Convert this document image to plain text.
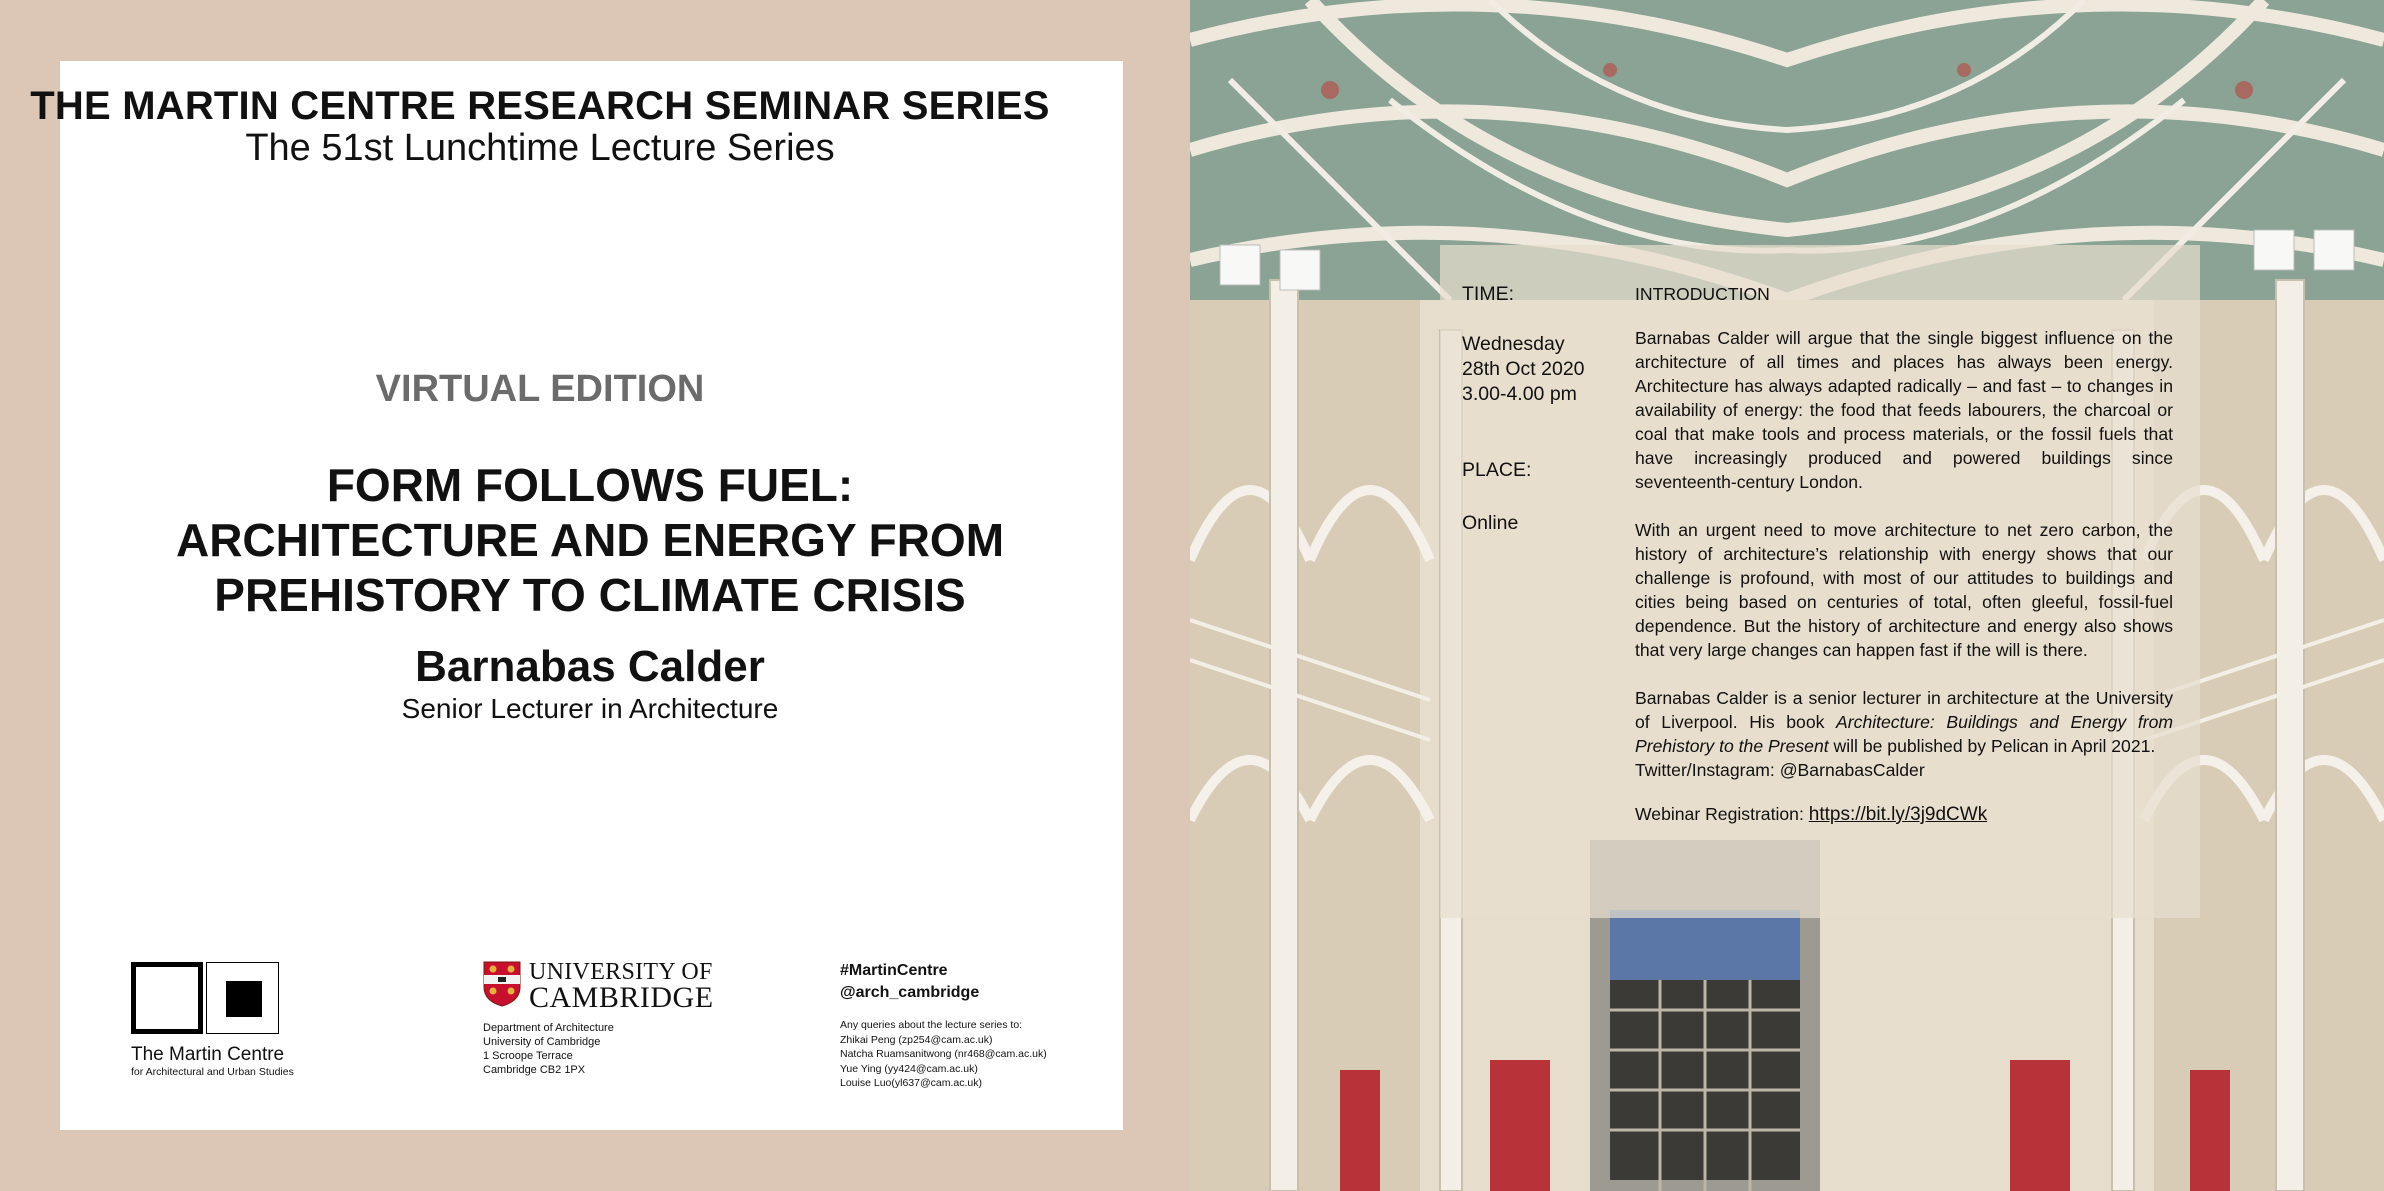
THE MARTIN CENTRE RESEARCH SEMINAR SERIES
The 51st Lunchtime Lecture Series
VIRTUAL EDITION
FORM FOLLOWS FUEL:
ARCHITECTURE AND ENERGY FROM
PREHISTORY TO CLIMATE CRISIS
Barnabas Calder
Senior Lecturer in Architecture
The Martin Centre
for Architectural and Urban Studies
UNIVERSITY OF
CAMBRIDGE
Department of Architecture
University of Cambridge
1 Scroope Terrace
Cambridge CB2 1PX
#MartinCentre
@arch_cambridge
Any queries about the lecture series to:
Zhikai Peng (zp254@cam.ac.uk)
Natcha Ruamsanitwong (nr468@cam.ac.uk)
Yue Ying (yy424@cam.ac.uk)
Louise Luo(yl637@cam.ac.uk)
TIME:
Wednesday
28th Oct 2020
3.00-4.00 pm
PLACE:
Online

INTRODUCTION

Barnabas Calder will argue that the single biggest influence on the architecture of all times and places has always been energy. Architecture has always adapted radically – and fast – to changes in availability of energy: the food that feeds labourers, the charcoal or coal that make tools and process materials, or the fossil fuels that have increasingly produced and powered buildings since seventeenth-century London.

With an urgent need to move architecture to net zero carbon, the history of architecture’s relationship with energy shows that our challenge is profound, with most of our attitudes to buildings and cities being based on centuries of total, often gleeful, fossil-fuel dependence. But the history of architecture and energy also shows that very large changes can happen fast if the will is there.

Barnabas Calder is a senior lecturer in architecture at the University of Liverpool. His book Architecture: Buildings and Energy from Prehistory to the Present will be published by Pelican in April 2021.
Twitter/Instagram: @BarnabasCalder

Webinar Registration: https://bit.ly/3j9dCWk
